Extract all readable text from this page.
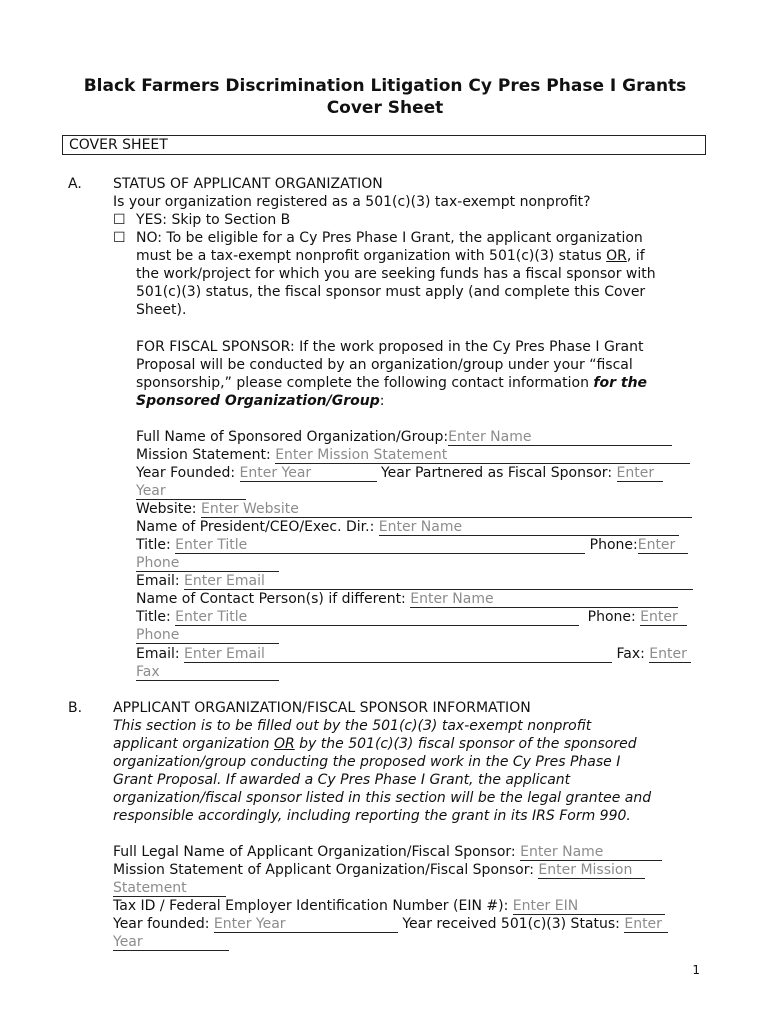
Black Farmers Discrimination Litigation Cy Pres Phase I Grants
Cover Sheet
COVER SHEET
A. STATUS OF APPLICANT ORGANIZATION
Is your organization registered as a 501(c)(3) tax-exempt nonprofit?
☐ YES: Skip to Section B
☐ NO: To be eligible for a Cy Pres Phase I Grant, the applicant organization
must be a tax-exempt nonprofit organization with 501(c)(3) status OR, if
the work/project for which you are seeking funds has a fiscal sponsor with
501(c)(3) status, the fiscal sponsor must apply (and complete this Cover
Sheet).
FOR FISCAL SPONSOR: If the work proposed in the Cy Pres Phase I Grant
Proposal will be conducted by an organization/group under your “fiscal
sponsorship,” please complete the following contact information for the
Sponsored Organization/Group:
Full Name of Sponsored Organization/Group:Enter Name
Mission Statement: Enter Mission Statement
Year Founded: Enter Year	Year Partnered as Fiscal Sponsor: Enter
Year
Website: Enter Website
Name of President/CEO/Exec. Dir.: Enter Name
Title: Enter Title	Phone:Enter
Phone
Email: Enter Email
Name of Contact Person(s) if different: Enter Name
Title: Enter Title	Phone: Enter
Phone
Email: Enter Email	Fax: Enter
Fax
B. APPLICANT ORGANIZATION/FISCAL SPONSOR INFORMATION
This section is to be filled out by the 501(c)(3) tax-exempt nonprofit
applicant organization OR by the 501(c)(3) fiscal sponsor of the sponsored
organization/group conducting the proposed work in the Cy Pres Phase I
Grant Proposal. If awarded a Cy Pres Phase I Grant, the applicant
organization/fiscal sponsor listed in this section will be the legal grantee and
responsible accordingly, including reporting the grant in its IRS Form 990.
Full Legal Name of Applicant Organization/Fiscal Sponsor: Enter Name
Mission Statement of Applicant Organization/Fiscal Sponsor: Enter Mission
Statement
Tax ID / Federal Employer Identification Number (EIN #): Enter EIN
Year founded: Enter Year	Year received 501(c)(3) Status: Enter
Year
1
